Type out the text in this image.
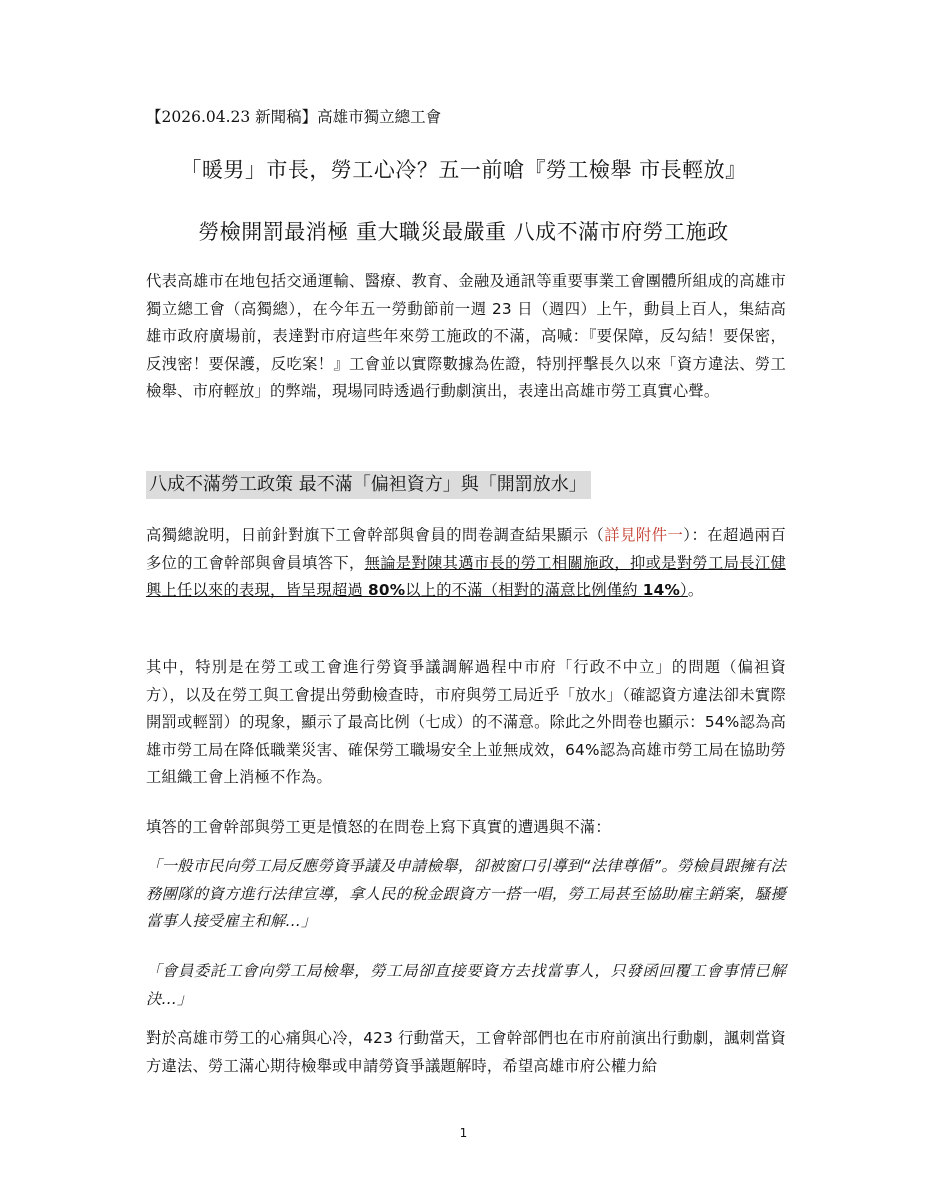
【2026.04.23 新聞稿】高雄市獨立總工會
「暖男」市長，勞工心冷？五一前嗆『勞工檢舉 市長輕放』
勞檢開罰最消極 重大職災最嚴重 八成不滿市府勞工施政

代表高雄市在地包括交通運輸、醫療、教育、金融及通訊等重要事業工會團體所組成的高雄市獨立總工會（高獨總），在今年五一勞動節前一週 23 日（週四）上午，動員上百人，集結高雄市政府廣場前，表達對市府這些年來勞工施政的不滿，高喊：『要保障，反勾結！要保密，反洩密！要保護，反吃案！』工會並以實際數據為佐證，特別抨擊長久以來「資方違法、勞工檢舉、市府輕放」的弊端，現場同時透過行動劇演出，表達出高雄市勞工真實心聲。

八成不滿勞工政策 最不滿「偏袒資方」與「開罰放水」

高獨總說明，日前針對旗下工會幹部與會員的問卷調查結果顯示（詳見附件一）：在超過兩百多位的工會幹部與會員填答下，無論是對陳其邁市長的勞工相關施政，抑或是對勞工局長江健興上任以來的表現，皆呈現超過 80%以上的不滿（相對的滿意比例僅約 14%）。

其中，特別是在勞工或工會進行勞資爭議調解過程中市府「行政不中立」的問題（偏袒資方），以及在勞工與工會提出勞動檢查時，市府與勞工局近乎「放水」（確認資方違法卻未實際開罰或輕罰）的現象，顯示了最高比例（七成）的不滿意。除此之外問卷也顯示：54%認為高雄市勞工局在降低職業災害、確保勞工職場安全上並無成效，64%認為高雄市勞工局在協助勞工組織工會上消極不作為。

填答的工會幹部與勞工更是憤怒的在問卷上寫下真實的遭遇與不滿：

「一般市民向勞工局反應勞資爭議及申請檢舉，卻被窗口引導到“法律尊偱”。勞檢員跟擁有法務團隊的資方進行法律宣導，拿人民的稅金跟資方一搭一唱，勞工局甚至協助雇主銷案，騷擾當事人接受雇主和解…」

「會員委託工會向勞工局檢舉，勞工局卻直接要資方去找當事人，只發函回覆工會事情已解決…」

對於高雄市勞工的心痛與心冷，423 行動當天，工會幹部們也在市府前演出行動劇，諷刺當資方違法、勞工滿心期待檢舉或申請勞資爭議題解時，希望高雄市府公權力給

1
